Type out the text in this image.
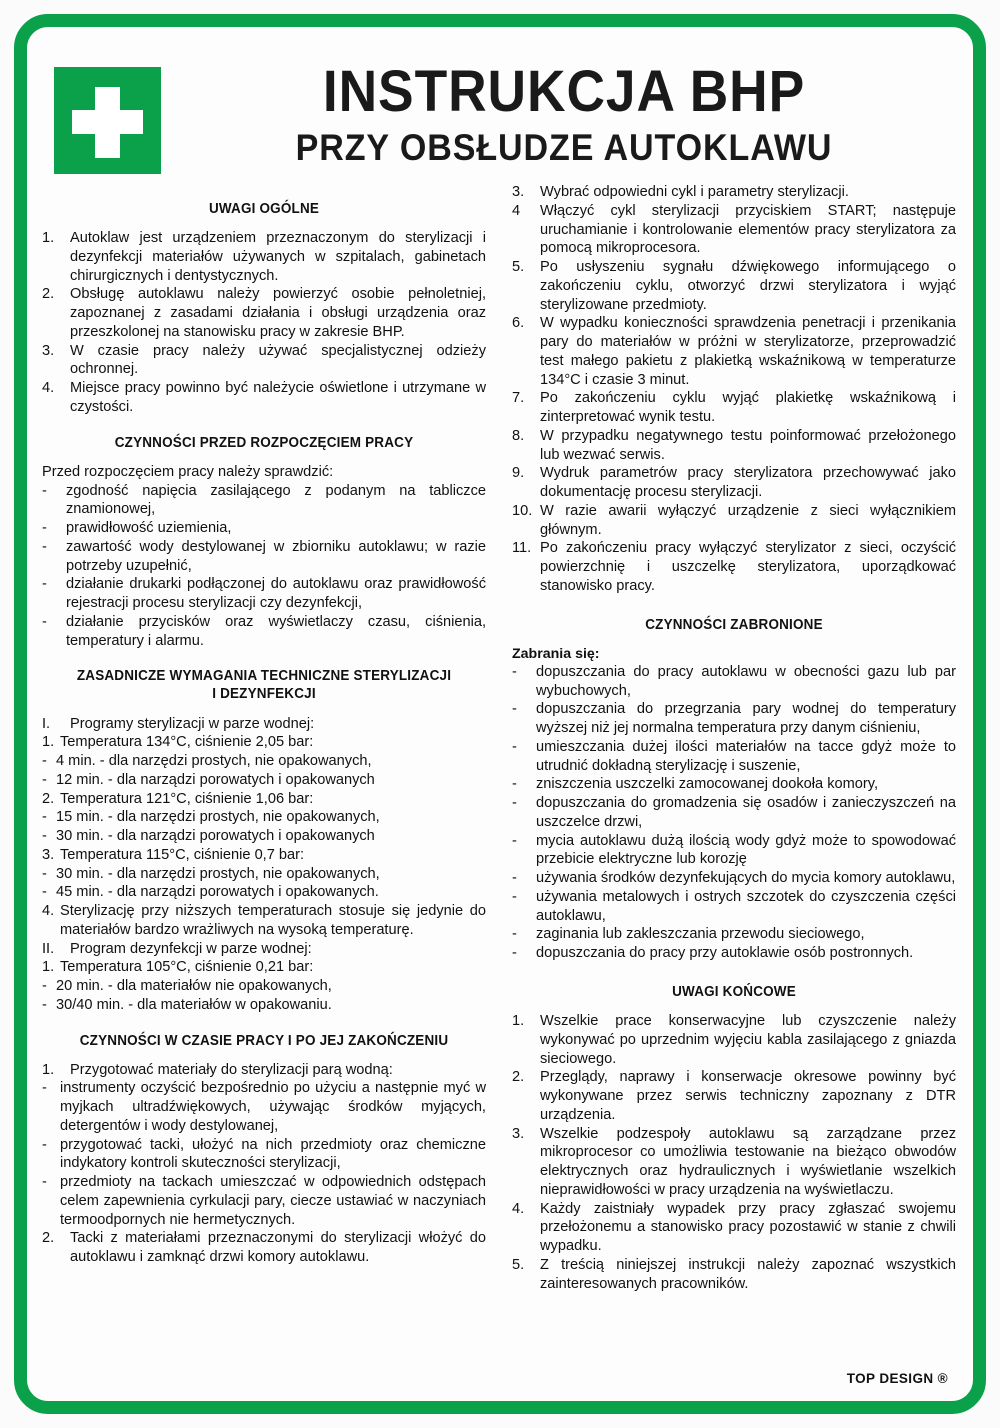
INSTRUKCJA BHP
PRZY OBSŁUDZE AUTOKLAWU
UWAGI OGÓLNE
1.	Autoklaw jest urządzeniem przeznaczonym do sterylizacji i dezynfekcji materiałów używanych w szpitalach, gabinetach chirurgicznych i dentystycznych.
2.	Obsługę autoklawu należy powierzyć osobie pełnoletniej, zapoznanej z zasadami działania i obsługi urządzenia oraz przeszkolonej na stanowisku pracy w zakresie BHP.
3.	W czasie pracy należy używać specjalistycznej odzieży ochronnej.
4.	Miejsce pracy powinno być należycie oświetlone i utrzymane w czystości.
CZYNNOŚCI PRZED ROZPOCZĘCIEM PRACY

Przed rozpoczęciem pracy należy sprawdzić:

-	zgodność napięcia zasilającego z podanym na tabliczce znamionowej,
-	prawidłowość uziemienia,
-	zawartość wody destylowanej w zbiorniku autoklawu; w razie potrzeby uzupełnić,
-	działanie drukarki podłączonej do autoklawu oraz prawidłowość rejestracji procesu sterylizacji czy dezynfekcji,
-	działanie przycisków oraz wyświetlaczy czasu, ciśnienia, temperatury i alarmu.
ZASADNICZE WYMAGANIA TECHNICZNE STERYLIZACJI
I DEZYNFEKCJI
I.	Programy sterylizacji w parze wodnej:
1. Temperatura 134°C, ciśnienie 2,05 bar:
- 4 min. - dla narzędzi prostych, nie opakowanych,
- 12 min. - dla narządzi porowatych i opakowanych
2. Temperatura 121°C, ciśnienie 1,06 bar:
- 15 min. - dla narzędzi prostych, nie opakowanych,
- 30 min. - dla narządzi porowatych i opakowanych
3. Temperatura 115°C, ciśnienie 0,7 bar:
- 30 min. - dla narzędzi prostych, nie opakowanych,
- 45 min. - dla narządzi porowatych i opakowanych.
4. Sterylizację przy niższych temperaturach stosuje się jedynie do materiałów bardzo wrażliwych na wysoką temperaturę.
II.	Program dezynfekcji w parze wodnej:
1. Temperatura 105°C, ciśnienie 0,21 bar:
- 20 min. - dla materiałów nie opakowanych,
- 30/40 min. - dla materiałów w opakowaniu.
CZYNNOŚCI W CZASIE PRACY I PO JEJ ZAKOŃCZENIU
1.	Przygotować materiały do sterylizacji parą wodną:
- instrumenty oczyścić bezpośrednio po użyciu a następnie myć w myjkach ultradźwiękowych, używając środków myjących, detergentów i wody destylowanej,
- przygotować tacki, ułożyć na nich przedmioty oraz chemiczne indykatory kontroli skuteczności sterylizacji,
- przedmioty na tackach umieszczać w odpowiednich odstępach celem zapewnienia cyrkulacji pary, ciecze ustawiać w naczyniach termoodpornych nie hermetycznych.
2.	Tacki z materiałami przeznaczonymi do sterylizacji włożyć do autoklawu i zamknąć drzwi komory autoklawu.
3.	Wybrać odpowiedni cykl i parametry sterylizacji.
4	Włączyć cykl sterylizacji przyciskiem START; następuje uruchamianie i kontrolowanie elementów pracy sterylizatora za pomocą mikroprocesora.
5.	Po usłyszeniu sygnału dźwiękowego informującego o zakończeniu cyklu, otworzyć drzwi sterylizatora i wyjąć sterylizowane przedmioty.
6.	W wypadku konieczności sprawdzenia penetracji i przenikania pary do materiałów w próżni w sterylizatorze, przeprowadzić test małego pakietu z plakietką wskaźnikową w temperaturze 134°C i czasie 3 minut.
7.	Po zakończeniu cyklu wyjąć plakietkę wskaźnikową i zinterpretować wynik testu.
8.	W przypadku negatywnego testu poinformować przełożonego lub wezwać serwis.
9.	Wydruk parametrów pracy sterylizatora przechowywać jako dokumentację procesu sterylizacji.
10. W razie awarii wyłączyć urządzenie z sieci wyłącznikiem głównym.
11. Po zakończeniu pracy wyłączyć sterylizator z sieci, oczyścić powierzchnię i uszczelkę sterylizatora, uporządkować stanowisko pracy.
CZYNNOŚCI ZABRONIONE

Zabrania się:

-	dopuszczania do pracy autoklawu w obecności gazu lub par wybuchowych,
-	dopuszczania do przegrzania pary wodnej do temperatury wyższej niż jej normalna temperatura przy danym ciśnieniu,
-	umieszczania dużej ilości materiałów na tacce gdyż może to utrudnić dokładną sterylizację i suszenie,
-	zniszczenia uszczelki zamocowanej dookoła komory,
-	dopuszczania do gromadzenia się osadów i zanieczyszczeń na uszczelce drzwi,
-	mycia autoklawu dużą ilością wody gdyż może to spowodować przebicie elektryczne lub korozję
-	używania środków dezynfekujących do mycia komory autoklawu,
-	używania metalowych i ostrych szczotek do czyszczenia części autoklawu,
-	zaginania lub zakleszczania przewodu sieciowego,
-	dopuszczania do pracy przy autoklawie osób postronnych.
UWAGI KOŃCOWE
1.	Wszelkie prace konserwacyjne lub czyszczenie należy wykonywać po uprzednim wyjęciu kabla zasilającego z gniazda sieciowego.
2.	Przeglądy, naprawy i konserwacje okresowe powinny być wykonywane przez serwis techniczny zapoznany z DTR urządzenia.
3.	Wszelkie podzespoły autoklawu są zarządzane przez mikroprocesor co umożliwia testowanie na bieżąco obwodów elektrycznych oraz hydraulicznych i wyświetlanie wszelkich nieprawidłowości w pracy urządzenia na wyświetlaczu.
4.	Każdy zaistniały wypadek przy pracy zgłaszać swojemu przełożonemu a stanowisko pracy pozostawić w stanie z chwili wypadku.
5.	Z treścią niniejszej instrukcji należy zapoznać wszystkich zainteresowanych pracowników.
TOP DESIGN ®
